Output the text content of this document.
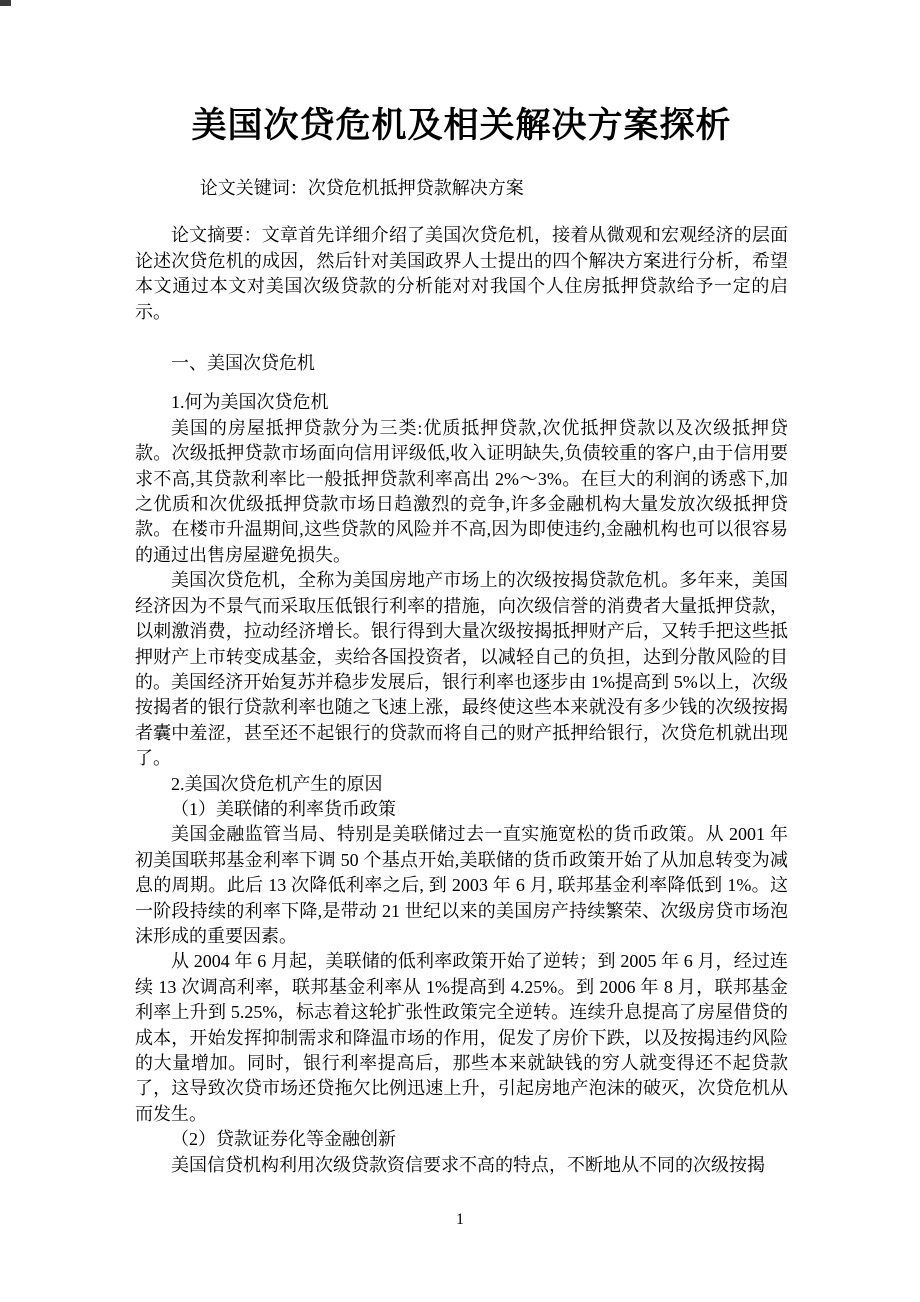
美国次贷危机及相关解决方案探析

论文关键词：次贷危机抵押贷款解决方案

论文摘要：文章首先详细介绍了美国次贷危机，接着从微观和宏观经济的层面论述次贷危机的成因，然后针对美国政界人士提出的四个解决方案进行分析，希望本文通过本文对美国次级贷款的分析能对对我国个人住房抵押贷款给予一定的启示。

一、美国次贷危机

1.何为美国次贷危机

美国的房屋抵押贷款分为三类:优质抵押贷款,次优抵押贷款以及次级抵押贷款。次级抵押贷款市场面向信用评级低,收入证明缺失,负债较重的客户,由于信用要求不高,其贷款利率比一般抵押贷款利率高出 2%～3%。在巨大的利润的诱惑下,加之优质和次优级抵押贷款市场日趋激烈的竞争,许多金融机构大量发放次级抵押贷款。在楼市升温期间,这些贷款的风险并不高,因为即使违约,金融机构也可以很容易的通过出售房屋避免损失。

美国次贷危机，全称为美国房地产市场上的次级按揭贷款危机。多年来，美国经济因为不景气而采取压低银行利率的措施，向次级信誉的消费者大量抵押贷款，以刺激消费，拉动经济增长。银行得到大量次级按揭抵押财产后，又转手把这些抵押财产上市转变成基金，卖给各国投资者，以减轻自己的负担，达到分散风险的目的。美国经济开始复苏并稳步发展后，银行利率也逐步由 1%提高到 5%以上，次级按揭者的银行贷款利率也随之飞速上涨，最终使这些本来就没有多少钱的次级按揭者囊中羞涩，甚至还不起银行的贷款而将自己的财产抵押给银行，次贷危机就出现了。

2.美国次贷危机产生的原因

（1）美联储的利率货币政策

美国金融监管当局、特别是美联储过去一直实施宽松的货币政策。从 2001 年初美国联邦基金利率下调 50 个基点开始,美联储的货币政策开始了从加息转变为减息的周期。此后 13 次降低利率之后, 到 2003 年 6 月, 联邦基金利率降低到 1%。这一阶段持续的利率下降,是带动 21 世纪以来的美国房产持续繁荣、次级房贷市场泡沫形成的重要因素。

从 2004 年 6 月起，美联储的低利率政策开始了逆转；到 2005 年 6 月，经过连续 13 次调高利率，联邦基金利率从 1%提高到 4.25%。到 2006 年 8 月，联邦基金利率上升到 5.25%，标志着这轮扩张性政策完全逆转。连续升息提高了房屋借贷的成本，开始发挥抑制需求和降温市场的作用，促发了房价下跌，以及按揭违约风险的大量增加。同时，银行利率提高后，那些本来就缺钱的穷人就变得还不起贷款了，这导致次贷市场还贷拖欠比例迅速上升，引起房地产泡沫的破灭，次贷危机从而发生。

（2）贷款证券化等金融创新

美国信贷机构利用次级贷款资信要求不高的特点，不断地从不同的次级按揭

1
